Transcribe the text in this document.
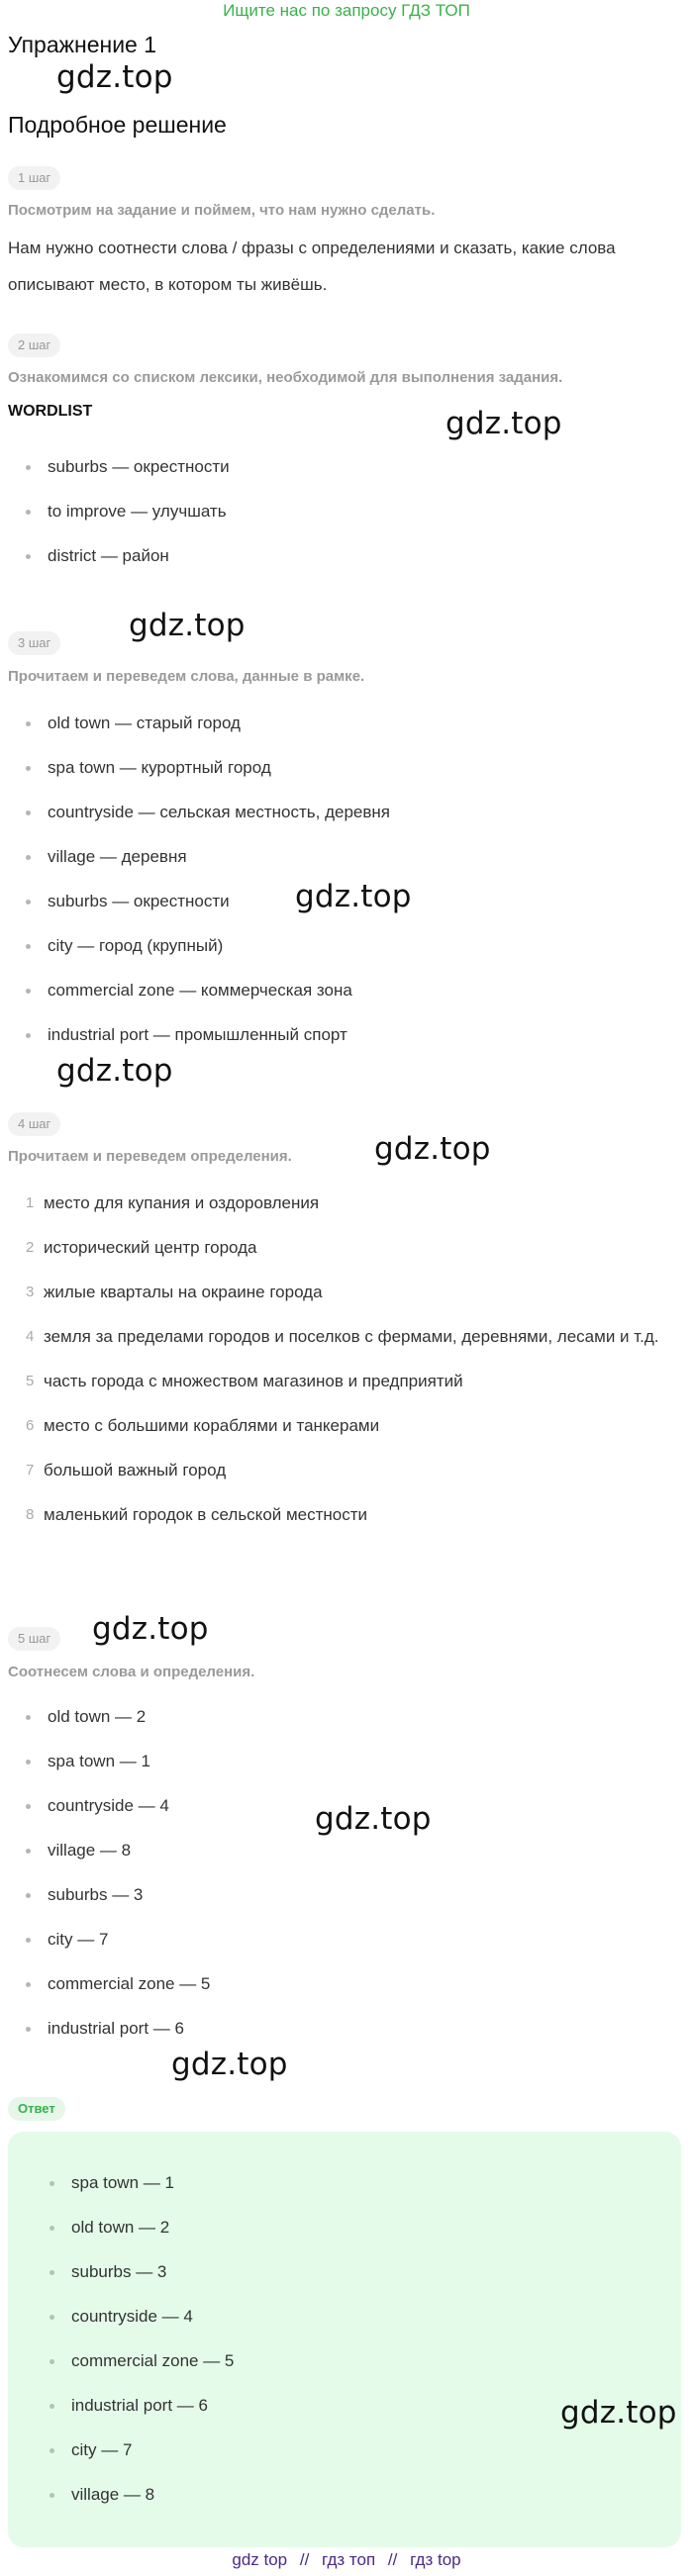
Ищите нас по запросу ГДЗ ТОП
Упражнение 1
gdz.top
Подробное решение
1 шаг
Посмотрим на задание и поймем, что нам нужно сделать.
Нам нужно соотнести слова / фразы с определениями и сказать, какие слова описывают место, в котором ты живёшь.
2 шаг
Ознакомимся со списком лексики, необходимой для выполнения задания.
WORDLIST	gdz.top
suburbs — окрестности
to improve — улучшать
district — район
gdz.top
3 шаг
Прочитаем и переведем слова, данные в рамке.
old town — старый город
spa town — курортный город
countryside — сельская местность, деревня
village — деревня
suburbs — окрестности
city — город (крупный)
commercial zone — коммерческая зона
industrial port — промышленный спорт
gdz.top
gdz.top
4 шаг
gdz.top
Прочитаем и переведем определения.
1 место для купания и оздоровления
2 исторический центр города
3 жилые кварталы на окраине города
4 земля за пределами городов и поселков с фермами, деревнями, лесами и т.д.
5 часть города с множеством магазинов и предприятий
6 место с большими кораблями и танкерами
7 большой важный город
8 маленький городок в сельской местности
5 шаг	gdz.top
Соотнесем слова и определения.
old town — 2
spa town — 1
countryside — 4
village — 8
suburbs — 3
city — 7
commercial zone — 5
industrial port — 6
gdz.top
gdz.top
Ответ
spa town — 1
old town — 2
suburbs — 3
countryside — 4
commercial zone — 5
industrial port — 6
city — 7
village — 8
gdz.top
gdz top // гдз топ // гдз top
